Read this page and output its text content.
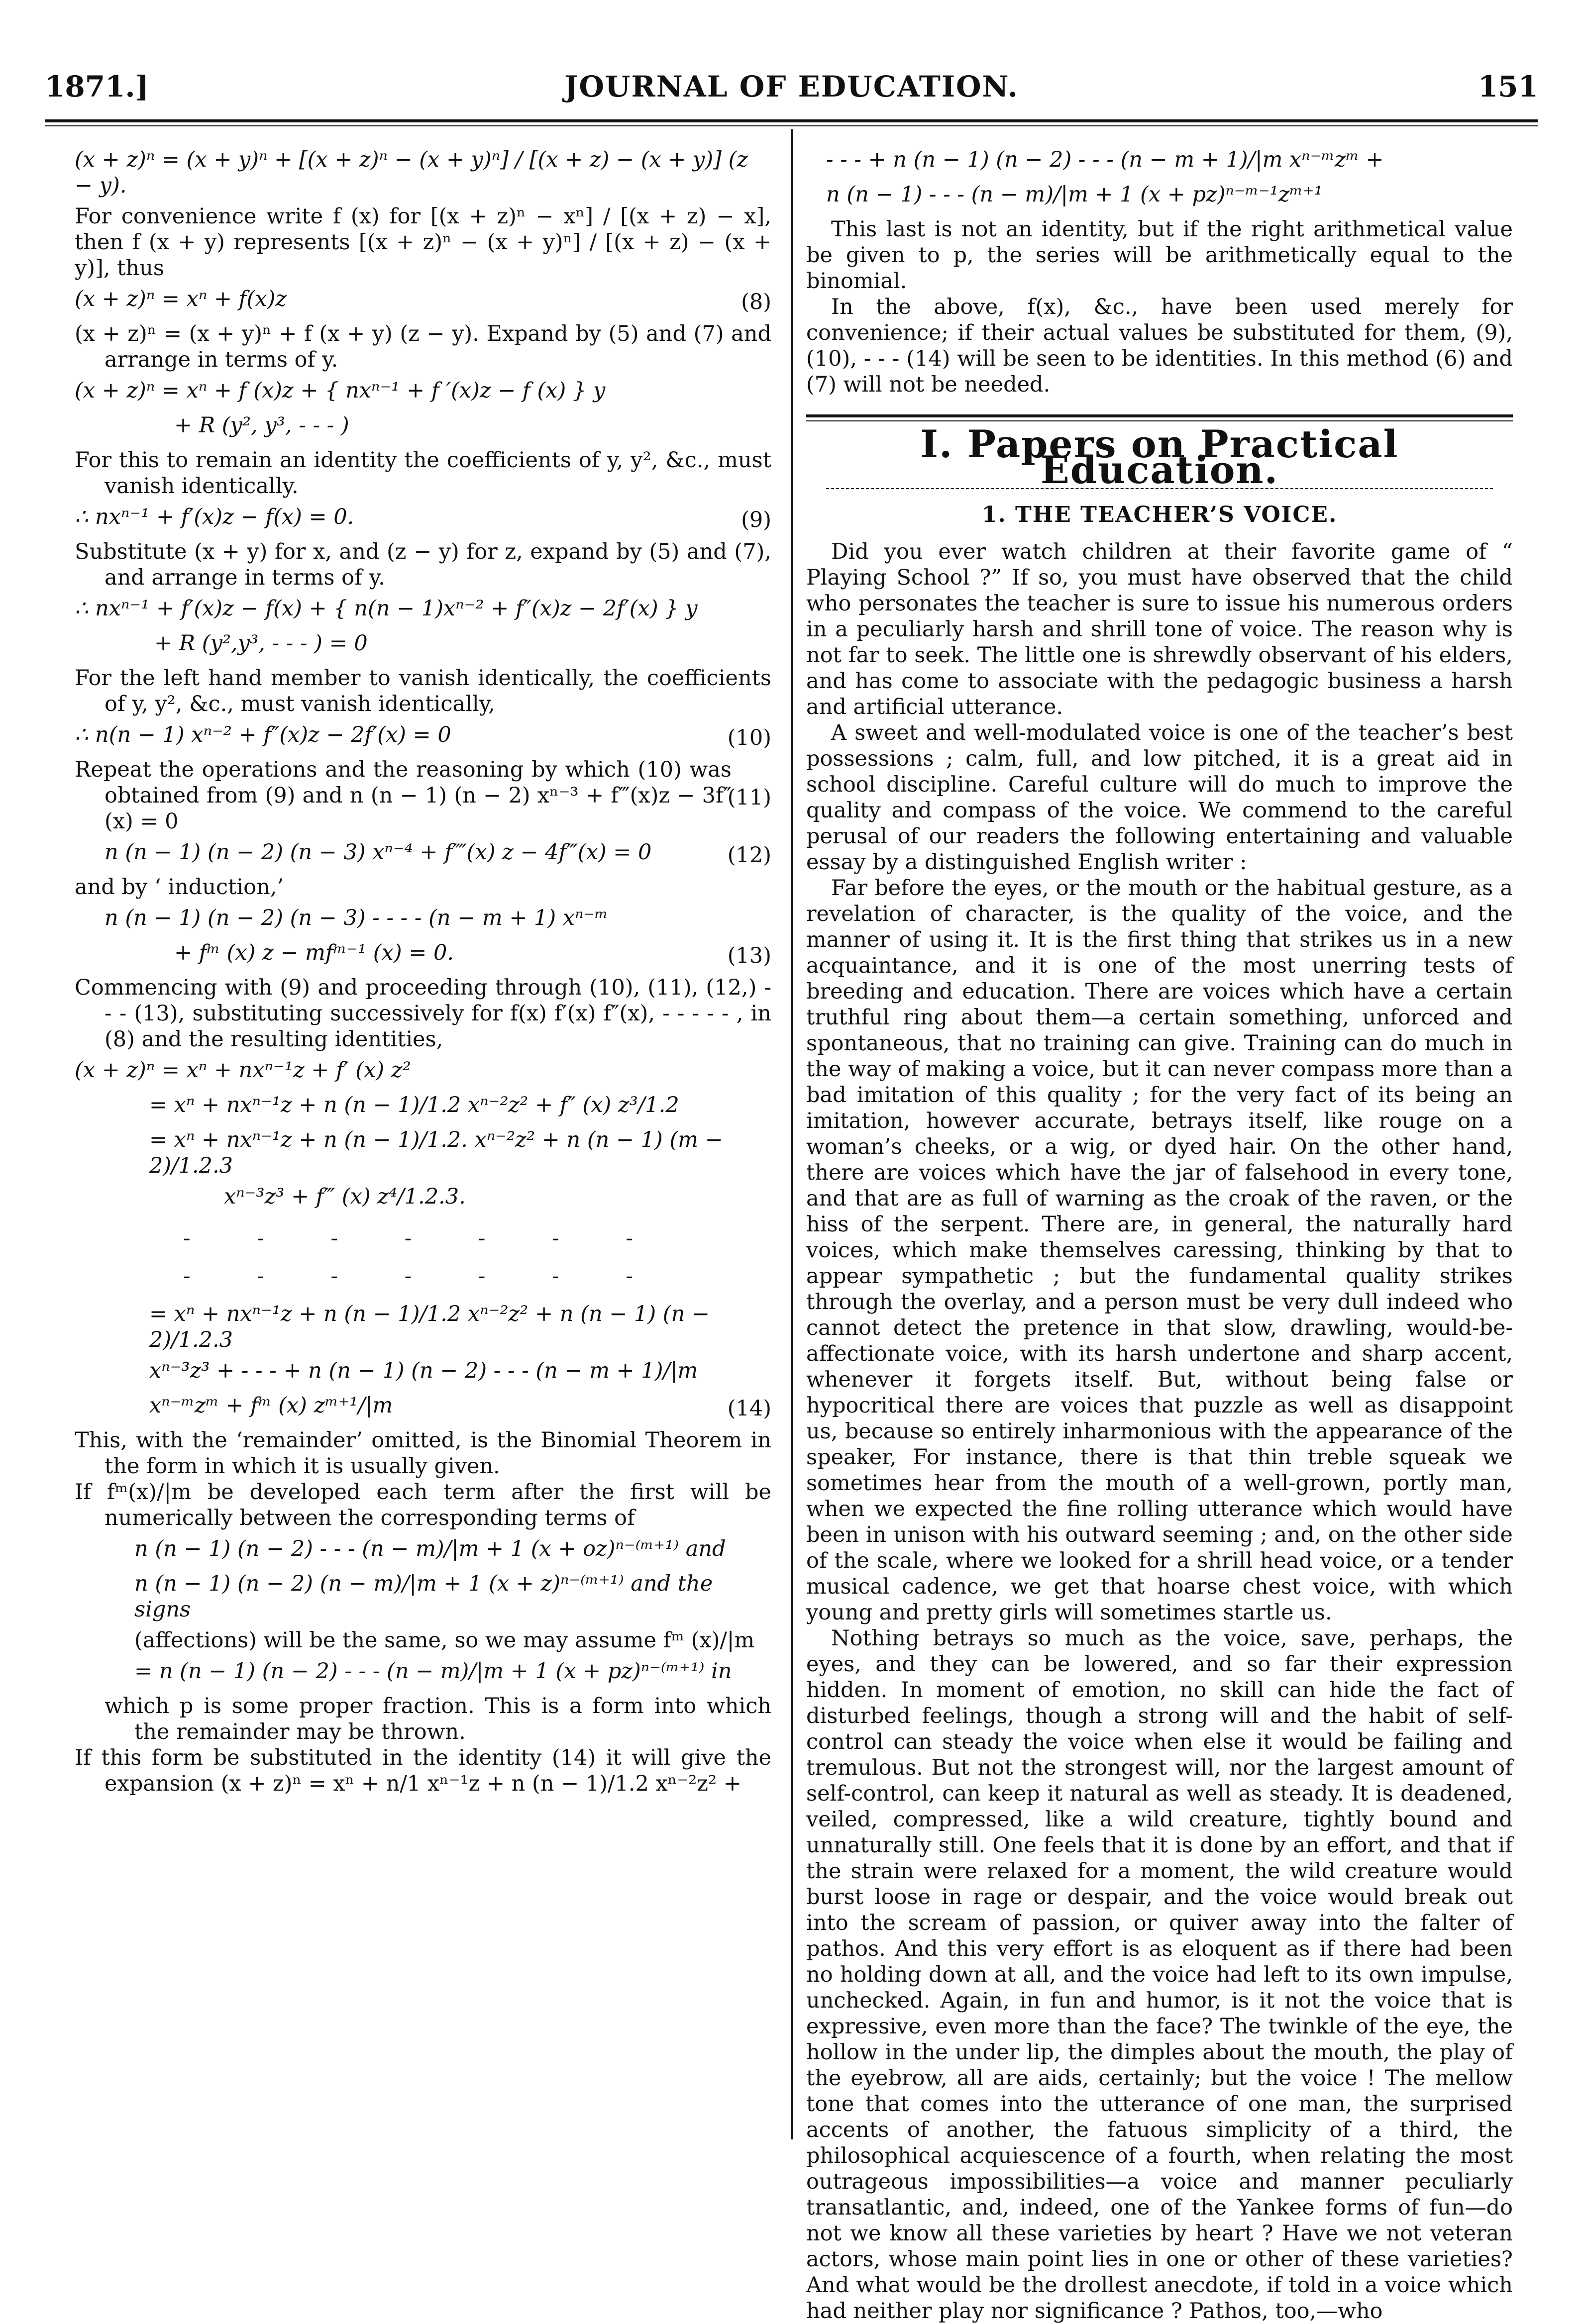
1871.]	JOURNAL OF EDUCATION.	151
(x + z)ⁿ = (x + y)ⁿ + [(x + z)ⁿ − (x + y)ⁿ] / [(x + z) − (x + y)] (z − y).

For convenience write f (x) for [(x + z)ⁿ − xⁿ] / [(x + z) − x], then f (x + y) represents [(x + z)ⁿ − (x + y)ⁿ] / [(x + z) − (x + y)], thus

(x + z)ⁿ = xⁿ + f(x)z	(8)

(x + z)ⁿ = (x + y)ⁿ + f (x + y) (z − y). Expand by (5) and (7) and arrange in terms of y.

(x + z)ⁿ = xⁿ + f (x)z + { nxⁿ⁻¹ + f ′(x)z − f (x) } y
+ R (y², y³, - - - )

For this to remain an identity the coefficients of y, y², &c., must vanish identically.

∴ nxⁿ⁻¹ + f′(x)z − f(x) = 0.	(9)

Substitute (x + y) for x, and (z − y) for z, expand by (5) and (7), and arrange in terms of y.

∴ nxⁿ⁻¹ + f′(x)z − f(x) + { n(n − 1)xⁿ⁻² + f″(x)z − 2f′(x) } y
+ R (y²,y³, - - - ) = 0

For the left hand member to vanish identically, the coefficients of y, y², &c., must vanish identically,

∴ n(n − 1) xⁿ⁻² + f″(x)z − 2f′(x) = 0	(10)

Repeat the operations and the reasoning by which (10) was obtained from (9) and n (n − 1) (n − 2) xⁿ⁻³ + f‴(x)z − 3f″(x) = 0

(11)
n (n − 1) (n − 2) (n − 3) xⁿ⁻⁴ + f⁗(x) z − 4f‴(x) = 0	(12)

and by ‘ induction,’

n (n − 1) (n − 2) (n − 3) - - - - (n − m + 1) xⁿ⁻ᵐ
+ fᵐ (x) z − mfᵐ⁻¹ (x) = 0.	(13)

Commencing with (9) and proceeding through (10), (11), (12,) - - - (13), substituting successively for f(x) f′(x) f″(x), - - - - - , in (8) and the resulting identities,

(x + z)ⁿ = xⁿ + nxⁿ⁻¹z + f′ (x) z²
= xⁿ + nxⁿ⁻¹z + n (n − 1)/1.2 xⁿ⁻²z² + f″ (x) z³/1.2
= xⁿ + nxⁿ⁻¹z + n (n − 1)/1.2. xⁿ⁻²z² + n (n − 1) (m − 2)/1.2.3
xⁿ⁻³z³ + f‴ (x) z⁴/1.2.3.
- - - - - - -
- - - - - - -
= xⁿ + nxⁿ⁻¹z + n (n − 1)/1.2 xⁿ⁻²z² + n (n − 1) (n − 2)/1.2.3
xⁿ⁻³z³ + - - - + n (n − 1) (n − 2) - - - (n − m + 1)/|m
xⁿ⁻ᵐzᵐ + fᵐ (x) zᵐ⁺¹/|m	(14)

This, with the ‘remainder’ omitted, is the Binomial Theorem in the form in which it is usually given.

If fᵐ(x)/|m be developed each term after the first will be numerically between the corresponding terms of

n (n − 1) (n − 2) - - - (n − m)/|m + 1 (x + oz)ⁿ⁻⁽ᵐ⁺¹⁾ and
n (n − 1) (n − 2) (n − m)/|m + 1 (x + z)ⁿ⁻⁽ᵐ⁺¹⁾ and the signs

(affections) will be the same, so we may assume fᵐ (x)/|m

= n (n − 1) (n − 2) - - - (n − m)/|m + 1 (x + pz)ⁿ⁻⁽ᵐ⁺¹⁾ in

which p is some proper fraction. This is a form into which the remainder may be thrown.

If this form be substituted in the identity (14) it will give the expansion (x + z)ⁿ = xⁿ + n/1 xⁿ⁻¹z + n (n − 1)/1.2 xⁿ⁻²z² +

- - - + n (n − 1) (n − 2) - - - (n − m + 1)/|m xⁿ⁻ᵐzᵐ +
n (n − 1) - - - (n − m)/|m + 1 (x + pz)ⁿ⁻ᵐ⁻¹zᵐ⁺¹

This last is not an identity, but if the right arithmetical value be given to p, the series will be arithmetically equal to the binomial.

In the above, f(x), &c., have been used merely for convenience; if their actual values be substituted for them, (9), (10), - - - (14) will be seen to be identities. In this method (6) and (7) will not be needed.

I. Papers on Practical Education.
1. THE TEACHER’S VOICE.

Did you ever watch children at their favorite game of “ Playing School ?” If so, you must have observed that the child who personates the teacher is sure to issue his numerous orders in a peculiarly harsh and shrill tone of voice. The reason why is not far to seek. The little one is shrewdly observant of his elders, and has come to associate with the pedagogic business a harsh and artificial utterance.

A sweet and well-modulated voice is one of the teacher’s best possessions ; calm, full, and low pitched, it is a great aid in school discipline. Careful culture will do much to improve the quality and compass of the voice. We commend to the careful perusal of our readers the following entertaining and valuable essay by a distinguished English writer :

Far before the eyes, or the mouth or the habitual gesture, as a revelation of character, is the quality of the voice, and the manner of using it. It is the first thing that strikes us in a new acquaintance, and it is one of the most unerring tests of breeding and education. There are voices which have a certain truthful ring about them—a certain something, unforced and spontaneous, that no training can give. Training can do much in the way of making a voice, but it can never compass more than a bad imitation of this quality ; for the very fact of its being an imitation, however accurate, betrays itself, like rouge on a woman’s cheeks, or a wig, or dyed hair. On the other hand, there are voices which have the jar of falsehood in every tone, and that are as full of warning as the croak of the raven, or the hiss of the serpent. There are, in general, the naturally hard voices, which make themselves caressing, thinking by that to appear sympathetic ; but the fundamental quality strikes through the overlay, and a person must be very dull indeed who cannot detect the pretence in that slow, drawling, would-be-affectionate voice, with its harsh undertone and sharp accent, whenever it forgets itself. But, without being false or hypocritical there are voices that puzzle as well as disappoint us, because so entirely inharmonious with the appearance of the speaker, For instance, there is that thin treble squeak we sometimes hear from the mouth of a well-grown, portly man, when we expected the fine rolling utterance which would have been in unison with his outward seeming ; and, on the other side of the scale, where we looked for a shrill head voice, or a tender musical cadence, we get that hoarse chest voice, with which young and pretty girls will sometimes startle us.

Nothing betrays so much as the voice, save, perhaps, the eyes, and they can be lowered, and so far their expression hidden. In moment of emotion, no skill can hide the fact of disturbed feelings, though a strong will and the habit of self-control can steady the voice when else it would be failing and tremulous. But not the strongest will, nor the largest amount of self-control, can keep it natural as well as steady. It is deadened, veiled, compressed, like a wild creature, tightly bound and unnaturally still. One feels that it is done by an effort, and that if the strain were relaxed for a moment, the wild creature would burst loose in rage or despair, and the voice would break out into the scream of passion, or quiver away into the falter of pathos. And this very effort is as eloquent as if there had been no holding down at all, and the voice had left to its own impulse, unchecked. Again, in fun and humor, is it not the voice that is expressive, even more than the face? The twinkle of the eye, the hollow in the under lip, the dimples about the mouth, the play of the eyebrow, all are aids, certainly; but the voice ! The mellow tone that comes into the utterance of one man, the surprised accents of another, the fatuous simplicity of a third, the philosophical acquiescence of a fourth, when relating the most outrageous impossibilities—a voice and manner peculiarly transatlantic, and, indeed, one of the Yankee forms of fun—do not we know all these varieties by heart ? Have we not veteran actors, whose main point lies in one or other of these varieties? And what would be the drollest anecdote, if told in a voice which had neither play nor significance ? Pathos, too,—who
